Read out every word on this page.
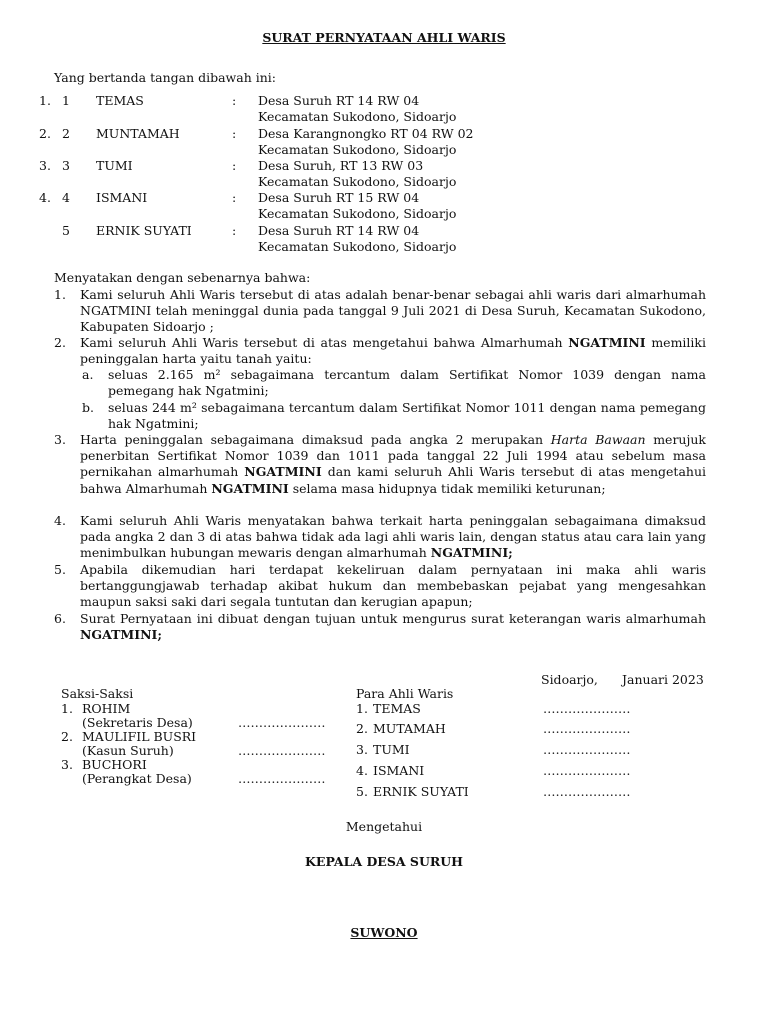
SURAT PERNYATAAN AHLI WARIS
Yang bertanda tangan dibawah ini:
1. 1 TEMAS	: Desa Suruh RT 14 RW 04
Kecamatan Sukodono, Sidoarjo
2. 2 MUNTAMAH	: Desa Karangnongko RT 04 RW 02
Kecamatan Sukodono, Sidoarjo
3. 3 TUMI	: Desa Suruh, RT 13 RW 03
Kecamatan Sukodono, Sidoarjo
4. 4 ISMANI	: Desa Suruh RT 15 RW 04
Kecamatan Sukodono, Sidoarjo
5 ERNIK SUYATI	: Desa Suruh RT 14 RW 04
Kecamatan Sukodono, Sidoarjo
Menyatakan dengan sebenarnya bahwa:
1. Kami seluruh Ahli Waris tersebut di atas adalah benar-benar sebagai ahli waris dari almarhumah NGATMINI telah meninggal dunia pada tanggal 9 Juli 2021 di Desa Suruh, Kecamatan Sukodono, Kabupaten Sidoarjo ;
2. Kami seluruh Ahli Waris tersebut di atas mengetahui bahwa Almarhumah NGATMINI memiliki peninggalan harta yaitu tanah yaitu:
a. seluas 2.165 m² sebagaimana tercantum dalam Sertifikat Nomor 1039 dengan nama pemegang hak Ngatmini;
b. seluas 244 m² sebagaimana tercantum dalam Sertifikat Nomor 1011 dengan nama pemegang hak Ngatmini;
3. Harta peninggalan sebagaimana dimaksud pada angka 2 merupakan Harta Bawaan merujuk penerbitan Sertifikat Nomor 1039 dan 1011 pada tanggal 22 Juli 1994 atau sebelum masa pernikahan almarhumah NGATMINI dan kami seluruh Ahli Waris tersebut di atas mengetahui bahwa Almarhumah NGATMINI selama masa hidupnya tidak memiliki keturunan;
4. Kami seluruh Ahli Waris menyatakan bahwa terkait harta peninggalan sebagaimana dimaksud pada angka 2 dan 3 di atas bahwa tidak ada lagi ahli waris lain, dengan status atau cara lain yang menimbulkan hubungan mewaris dengan almarhumah NGATMINI;
5. Apabila dikemudian hari terdapat kekeliruan dalam pernyataan ini maka ahli waris bertanggungjawab terhadap akibat hukum dan membebaskan pejabat yang mengesahkan maupun saksi saki dari segala tuntutan dan kerugian apapun;
6. Surat Pernyataan ini dibuat dengan tujuan untuk mengurus surat keterangan waris almarhumah NGATMINI;
Sidoarjo, Januari 2023
Saksi-Saksi
1. ROHIM
(Sekretaris Desa)	…………………
2. MAULIFIL BUSRI
(Kasun Suruh)	…………………
3. BUCHORI
(Perangkat Desa)	…………………
Para Ahli Waris
1. TEMAS	…………………
2. MUTAMAH	…………………
3. TUMI	…………………
4. ISMANI	…………………
5. ERNIK SUYATI	…………………
Mengetahui
KEPALA DESA SURUH
SUWONO
